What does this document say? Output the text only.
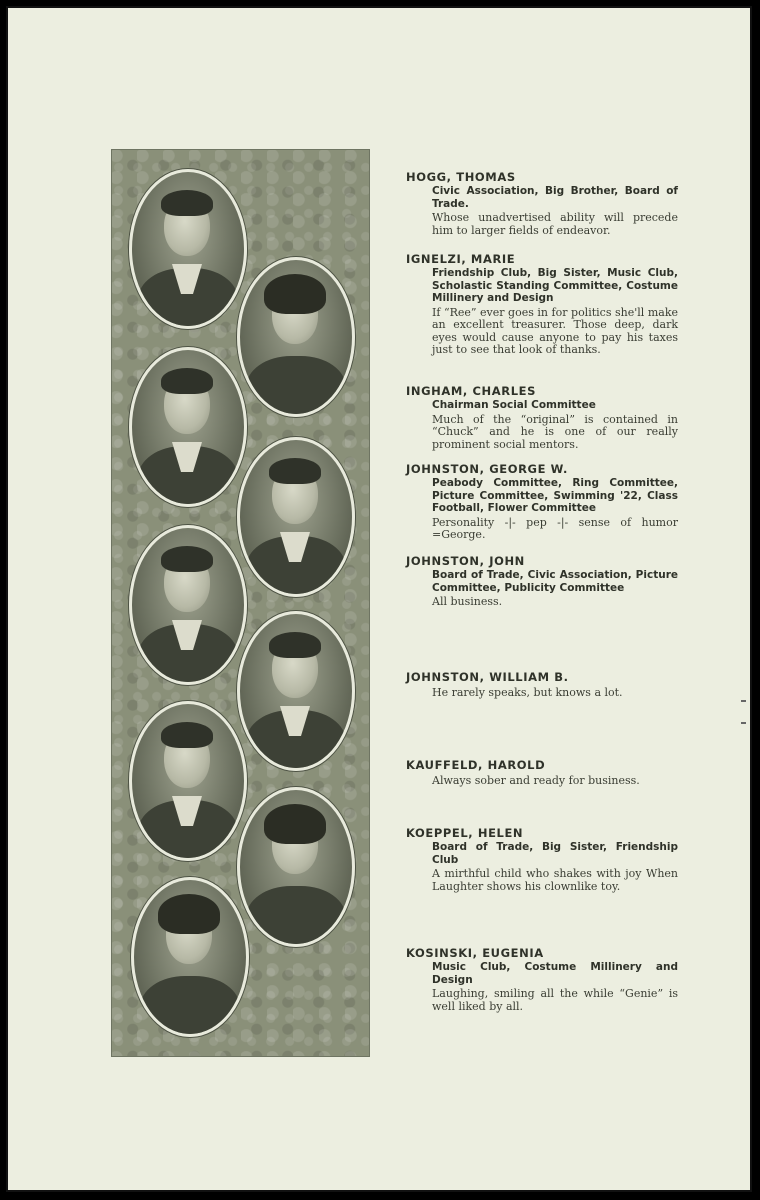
HOGG, THOMAS
Civic Association, Big Brother, Board of Trade.
Whose unadvertised ability will precede him to larger fields of endeavor.
IGNELZI, MARIE
Friendship Club, Big Sister, Music Club, Scholastic Standing Committee, Costume Millinery and Design
If “Ree” ever goes in for politics she'll make an excellent treasurer. Those deep, dark eyes would cause anyone to pay his taxes just to see that look of thanks.
INGHAM, CHARLES
Chairman Social Committee
Much of the “original” is contained in “Chuck” and he is one of our really prominent social mentors.
JOHNSTON, GEORGE W.
Peabody Committee, Ring Committee, Picture Committee, Swimming '22, Class Football, Flower Committee
Personality -|- pep -|- sense of humor =George.
JOHNSTON, JOHN
Board of Trade, Civic Association, Picture Committee, Publicity Committee
All business.
JOHNSTON, WILLIAM B.
He rarely speaks, but knows a lot.
KAUFFELD, HAROLD
Always sober and ready for business.
KOEPPEL, HELEN
Board of Trade, Big Sister, Friendship Club
A mirthful child who shakes with joy When Laughter shows his clownlike toy.
KOSINSKI, EUGENIA
Music Club, Costume Millinery and Design
Laughing, smiling all the while “Genie” is well liked by all.
